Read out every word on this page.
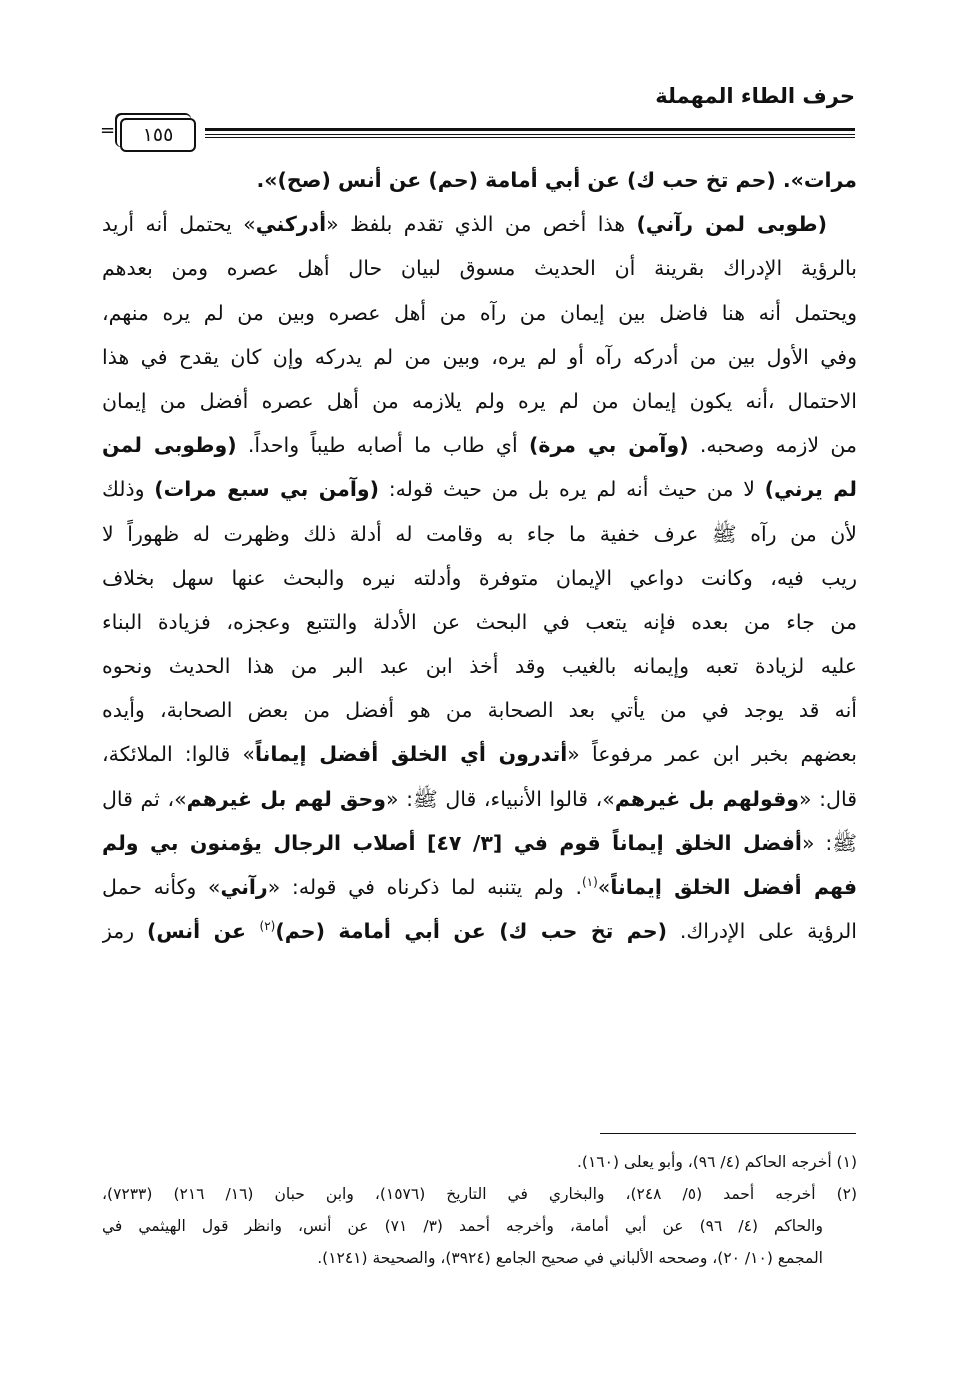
حرف الطاء المهملة
=	١٥٥
مرات». (حم تخ حب ك) عن أبي أمامة (حم) عن أنس (صح)».
(طوبى لمن رآني) هذا أخص من الذي تقدم بلفظ «أدركني» يحتمل أنه أريد
بالرؤية الإدراك بقرينة أن الحديث مسوق لبيان حال أهل عصره ومن بعدهم
ويحتمل أنه هنا فاضل بين إيمان من رآه من أهل عصره وبين من لم يره منهم،
وفي الأول بين من أدركه رآه أو لم يره، وبين من لم يدركه وإن كان يقدح في هذا
الاحتمال ،أنه يكون إيمان من لم يره ولم يلازمه من أهل عصره أفضل من إيمان
من لازمه وصحبه. (وآمن بي مرة) أي طاب ما أصابه طيباً واحداً. (وطوبى لمن
لم يرني) لا من حيث أنه لم يره بل من حيث قوله: (وآمن بي سبع مرات) وذلك
لأن من رآه ﷺ عرف خفية ما جاء به وقامت له أدلة ذلك وظهرت له ظهوراً لا
ريب فيه، وكانت دواعي الإيمان متوفرة وأدلته نيره والبحث عنها سهل بخلاف
من جاء من بعده فإنه يتعب في البحث عن الأدلة والتتبع وعجزه، فزيادة البناء
عليه لزيادة تعبه وإيمانه بالغيب وقد أخذ ابن عبد البر من هذا الحديث ونحوه
أنه قد يوجد في من يأتي بعد الصحابة من هو أفضل من بعض الصحابة، وأيده
بعضهم بخبر ابن عمر مرفوعاً «أتدرون أي الخلق أفضل إيماناً» قالوا: الملائكة،
قال: «وقولهم بل غيرهم»، قالوا الأنبياء، قال ﷺ: «وحق لهم بل غيرهم»، ثم قال
ﷺ: «أفضل الخلق إيماناً قوم في [٣/ ٤٧] أصلاب الرجال يؤمنون بي ولم
فهم أفضل الخلق إيماناً»$^{(١)}$. ولم يتنبه لما ذكرناه في قوله: «رآني» وكأنه حمل
الرؤية على الإدراك. (حم تخ حب ك) عن أبي أمامة (حم)$^{(٢)}$ عن أنس) رمز
(١) أخرجه الحاكم (٤/ ٩٦)، وأبو يعلى (١٦٠).
(٢) أخرجه أحمد (٥/ ٢٤٨)، والبخاري في التاريخ (١٥٧٦)، وابن حبان (١٦/ ٢١٦) (٧٢٣٣)،
والحاكم (٤/ ٩٦) عن أبي أمامة، وأخرجه أحمد (٣/ ٧١) عن أنس، وانظر قول الهيثمي في
المجمع (١٠/ ٢٠)، وصححه الألباني في صحيح الجامع (٣٩٢٤)، والصحيحة (١٢٤١).
